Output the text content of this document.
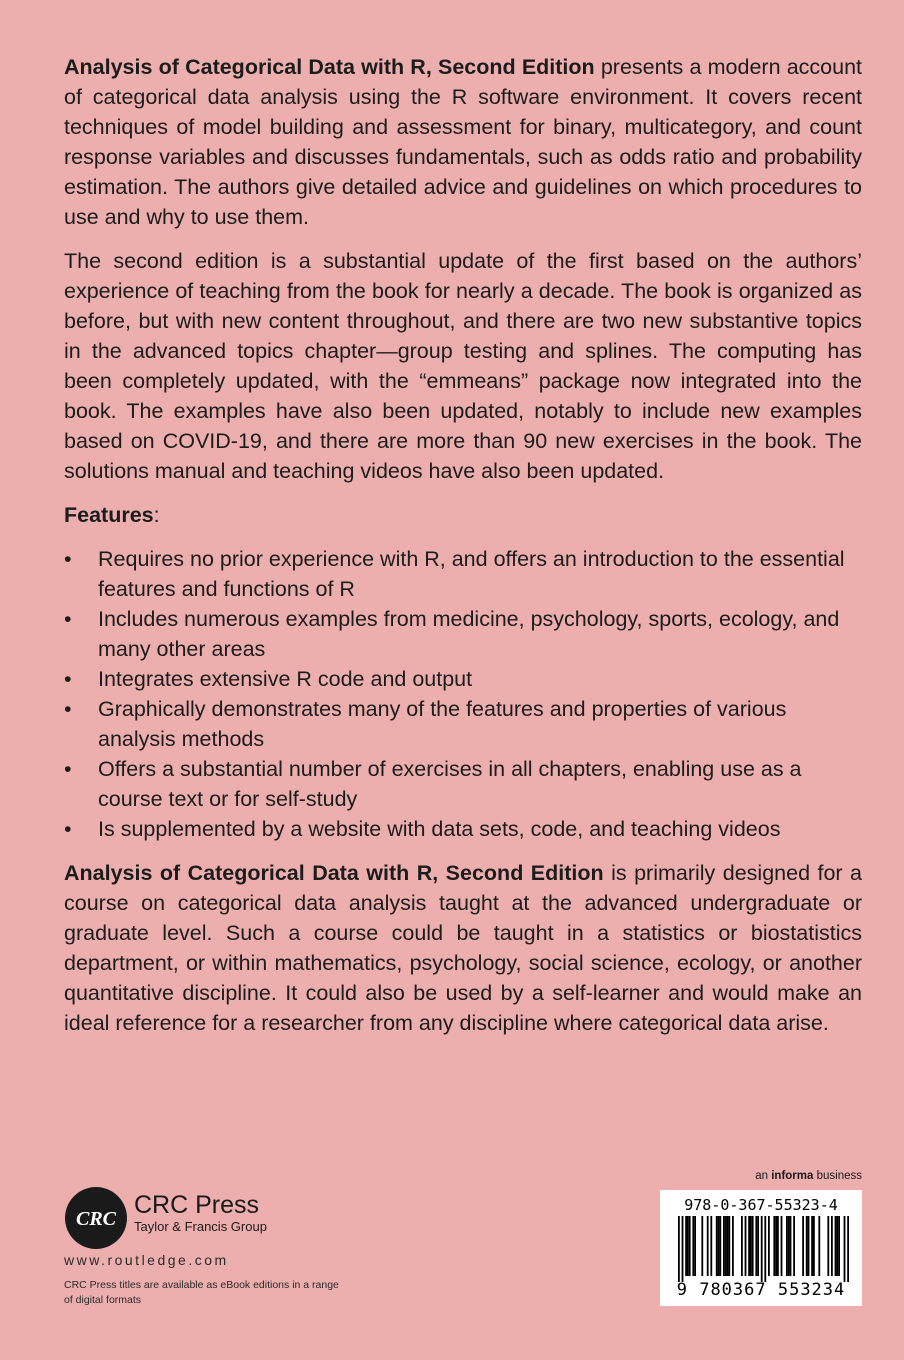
Analysis of Categorical Data with R, Second Edition presents a modern account of categorical data analysis using the R software environment. It covers recent techniques of model building and assessment for binary, multicategory, and count response variables and discusses fundamentals, such as odds ratio and probability estimation. The authors give detailed advice and guidelines on which procedures to use and why to use them.

The second edition is a substantial update of the first based on the authors’ experience of teaching from the book for nearly a decade. The book is organized as before, but with new content throughout, and there are two new substantive topics in the advanced topics chapter—group testing and splines. The computing has been completely updated, with the “emmeans” package now integrated into the book. The examples have also been updated, notably to include new examples based on COVID-19, and there are more than 90 new exercises in the book. The solutions manual and teaching videos have also been updated.

Features:

• Requires no prior experience with R, and offers an introduction to the essential features and functions of R
• Includes numerous examples from medicine, psychology, sports, ecology, and many other areas
• Integrates extensive R code and output
• Graphically demonstrates many of the features and properties of various analysis methods
• Offers a substantial number of exercises in all chapters, enabling use as a course text or for self-study
• Is supplemented by a website with data sets, code, and teaching videos

Analysis of Categorical Data with R, Second Edition is primarily designed for a course on categorical data analysis taught at the advanced undergraduate or graduate level. Such a course could be taught in a statistics or biostatistics department, or within mathematics, psychology, social science, ecology, or another quantitative discipline. It could also be used by a self-learner and would make an ideal reference for a researcher from any discipline where categorical data arise.

CRC CRC Press
Taylor & Francis Group
www.routledge.com
CRC Press titles are available as eBook editions in a range of digital formats
an informa business
978-0-367-55323-4
9 780367 553234
